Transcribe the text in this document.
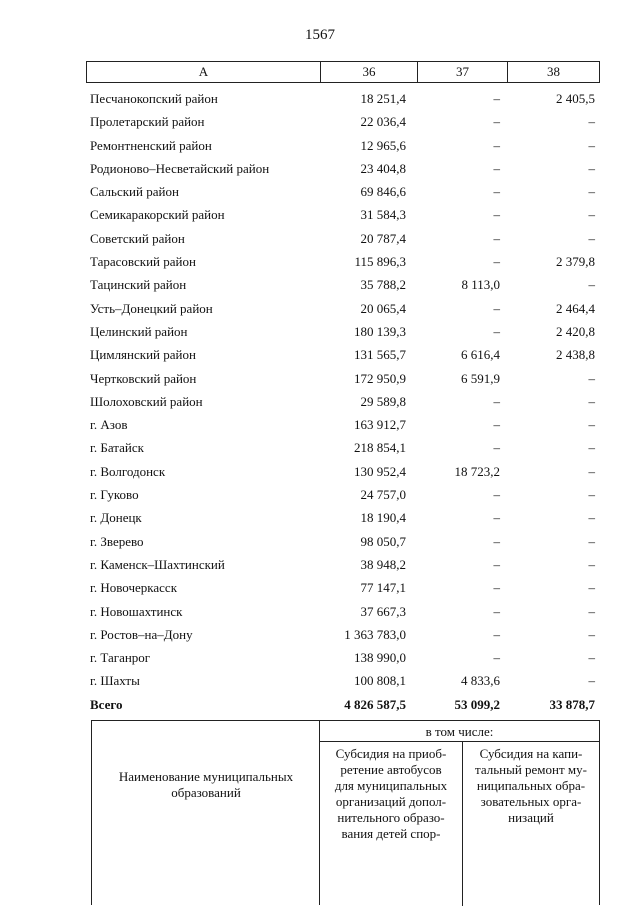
1567
А	36	37	38
Песчанокопский район	18 251,4	–	2 405,5
Пролетарский район	22 036,4	–	–
Ремонтненский район	12 965,6	–	–
Родионово–Несветайский район	23 404,8	–	–
Сальский район	69 846,6	–	–
Семикаракорский район	31 584,3	–	–
Советский район	20 787,4	–	–
Тарасовский район	115 896,3	–	2 379,8
Тацинский район	35 788,2	8 113,0	–
Усть–Донецкий район	20 065,4	–	2 464,4
Целинский район	180 139,3	–	2 420,8
Цимлянский район	131 565,7	6 616,4	2 438,8
Чертковский район	172 950,9	6 591,9	–
Шолоховский район	29 589,8	–	–
г. Азов	163 912,7	–	–
г. Батайск	218 854,1	–	–
г. Волгодонск	130 952,4	18 723,2	–
г. Гуково	24 757,0	–	–
г. Донецк	18 190,4	–	–
г. Зверево	98 050,7	–	–
г. Каменск–Шахтинский	38 948,2	–	–
г. Новочеркасск	77 147,1	–	–
г. Новошахтинск	37 667,3	–	–
г. Ростов–на–Дону	1 363 783,0	–	–
г. Таганрог	138 990,0	–	–
г. Шахты	100 808,1	4 833,6	–
Всего	4 826 587,5	53 099,2	33 878,7
Наименование муниципальных образований
в том числе:
Субсидия на приоб-
ретение автобусов
для муниципальных
организаций допол-
нительного образо-
вания детей спор-
Субсидия на капи-
тальный ремонт му-
ниципальных обра-
зовательных орга-
низаций
